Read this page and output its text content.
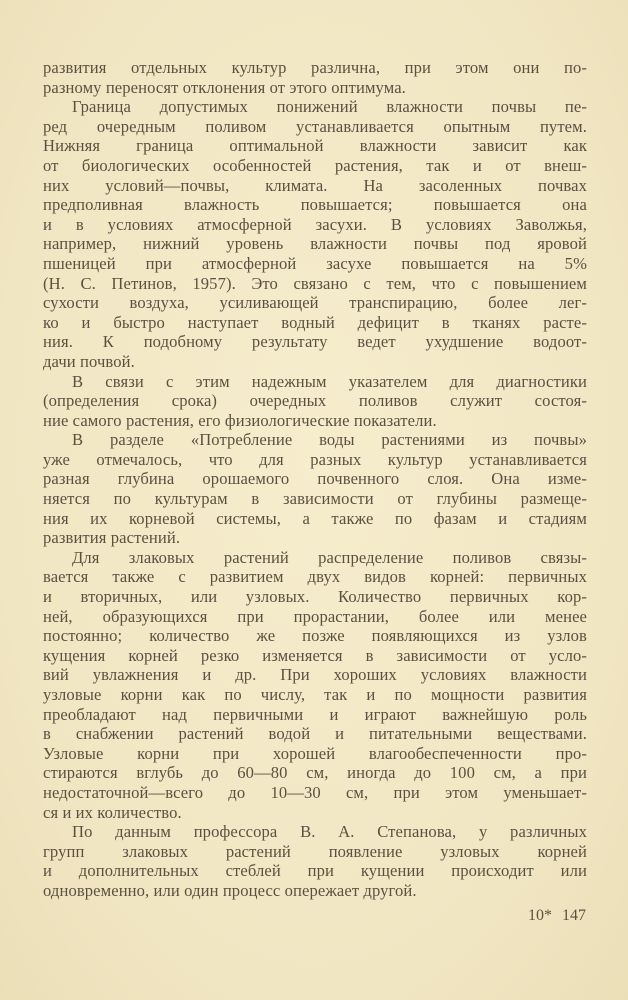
развития отдельных культур различна, при этом они по-
разному переносят отклонения от этого оптимума.
Граница допустимых понижений влажности почвы пе-
ред очередным поливом устанавливается опытным путем.
Нижняя граница оптимальной влажности зависит как
от биологических особенностей растения, так и от внеш-
них условий—почвы, климата. На засоленных почвах
предполивная влажность повышается; повышается она
и в условиях атмосферной засухи. В условиях Заволжья,
например, нижний уровень влажности почвы под яровой
пшеницей при атмосферной засухе повышается на 5%
(Н. С. Петинов, 1957). Это связано с тем, что с повышением
сухости воздуха, усиливающей транспирацию, более лег-
ко и быстро наступает водный дефицит в тканях расте-
ния. К подобному результату ведет ухудшение водоот-
дачи почвой.
В связи с этим надежным указателем для диагностики
(определения срока) очередных поливов служит состоя-
ние самого растения, его физиологические показатели.
В разделе «Потребление воды растениями из почвы»
уже отмечалось, что для разных культур устанавливается
разная глубина орошаемого почвенного слоя. Она изме-
няется по культурам в зависимости от глубины размеще-
ния их корневой системы, а также по фазам и стадиям
развития растений.
Для злаковых растений распределение поливов связы-
вается также с развитием двух видов корней: первичных
и вторичных, или узловых. Количество первичных кор-
ней, образующихся при прорастании, более или менее
постоянно; количество же позже появляющихся из узлов
кущения корней резко изменяется в зависимости от усло-
вий увлажнения и др. При хороших условиях влажности
узловые корни как по числу, так и по мощности развития
преобладают над первичными и играют важнейшую роль
в снабжении растений водой и питательными веществами.
Узловые корни при хорошей влагообеспеченности про-
стираются вглубь до 60—80 см, иногда до 100 см, а при
недостаточной—всего до 10—30 см, при этом уменьшает-
ся и их количество.
По данным профессора В. А. Степанова, у различных
групп злаковых растений появление узловых корней
и дополнительных стеблей при кущении происходит или
одновременно, или один процесс опережает другой.
10* 147
